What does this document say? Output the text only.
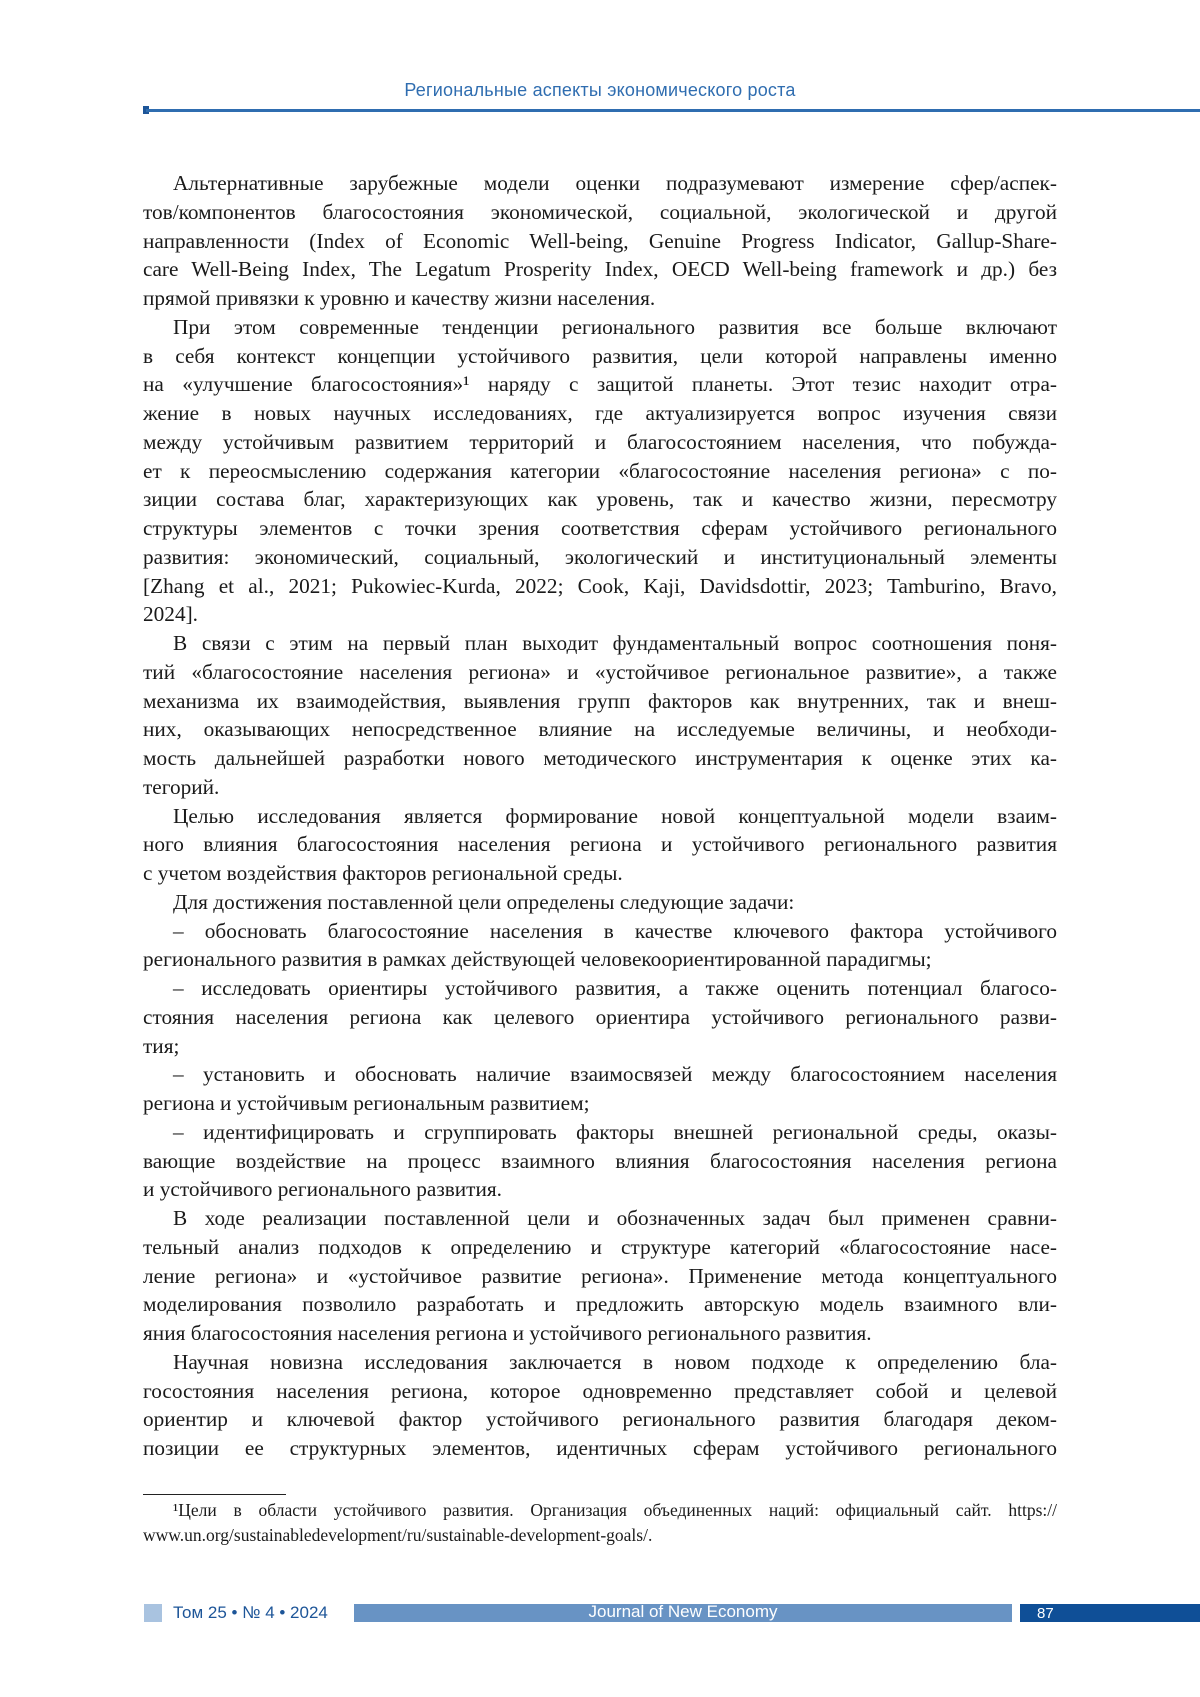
Региональные аспекты экономического роста
Альтернативные зарубежные модели оценки подразумевают измерение сфер/аспек-
тов/компонентов благосостояния экономической, социальной, экологической и другой
направленности (Index of Economic Well-being, Genuine Progress Indicator, Gallup-Share-
care Well-Being Index, The Legatum Prosperity Index, OECD Well-being framework и др.) без
прямой привязки к уровню и качеству жизни населения.
При этом современные тенденции регионального развития все больше включают
в себя контекст концепции устойчивого развития, цели которой направлены именно
на «улучшение благосостояния»¹ наряду с защитой планеты. Этот тезис находит отра-
жение в новых научных исследованиях, где актуализируется вопрос изучения связи
между устойчивым развитием территорий и благосостоянием населения, что побужда-
ет к переосмыслению содержания категории «благосостояние населения региона» с по-
зиции состава благ, характеризующих как уровень, так и качество жизни, пересмотру
структуры элементов с точки зрения соответствия сферам устойчивого регионального
развития: экономический, социальный, экологический и институциональный элементы
[Zhang et al., 2021; Pukowiec-Kurda, 2022; Cook, Kaji, Davidsdottir, 2023; Tamburino, Bravo,
2024].
В связи с этим на первый план выходит фундаментальный вопрос соотношения поня-
тий «благосостояние населения региона» и «устойчивое региональное развитие», а также
механизма их взаимодействия, выявления групп факторов как внутренних, так и внеш-
них, оказывающих непосредственное влияние на исследуемые величины, и необходи-
мость дальнейшей разработки нового методического инструментария к оценке этих ка-
тегорий.
Целью исследования является формирование новой концептуальной модели взаим-
ного влияния благосостояния населения региона и устойчивого регионального развития
с учетом воздействия факторов региональной среды.
Для достижения поставленной цели определены следующие задачи:
– обосновать благосостояние населения в качестве ключевого фактора устойчивого
регионального развития в рамках действующей человекоориентированной парадигмы;
– исследовать ориентиры устойчивого развития, а также оценить потенциал благосо-
стояния населения региона как целевого ориентира устойчивого регионального разви-
тия;
– установить и обосновать наличие взаимосвязей между благосостоянием населения
региона и устойчивым региональным развитием;
– идентифицировать и сгруппировать факторы внешней региональной среды, оказы-
вающие воздействие на процесс взаимного влияния благосостояния населения региона
и устойчивого регионального развития.
В ходе реализации поставленной цели и обозначенных задач был применен сравни-
тельный анализ подходов к определению и структуре категорий «благосостояние насе-
ление региона» и «устойчивое развитие региона». Применение метода концептуального
моделирования позволило разработать и предложить авторскую модель взаимного вли-
яния благосостояния населения региона и устойчивого регионального развития.
Научная новизна исследования заключается в новом подходе к определению бла-
госостояния населения региона, которое одновременно представляет собой и целевой
ориентир и ключевой фактор устойчивого регионального развития благодаря деком-
позиции ее структурных элементов, идентичных сферам устойчивого регионального
¹Цели в области устойчивого развития. Организация объединенных наций: официальный сайт. https://
www.un.org/sustainabledevelopment/ru/sustainable-development-goals/.
Том 25 • № 4 • 2024	Journal of New Economy	87
